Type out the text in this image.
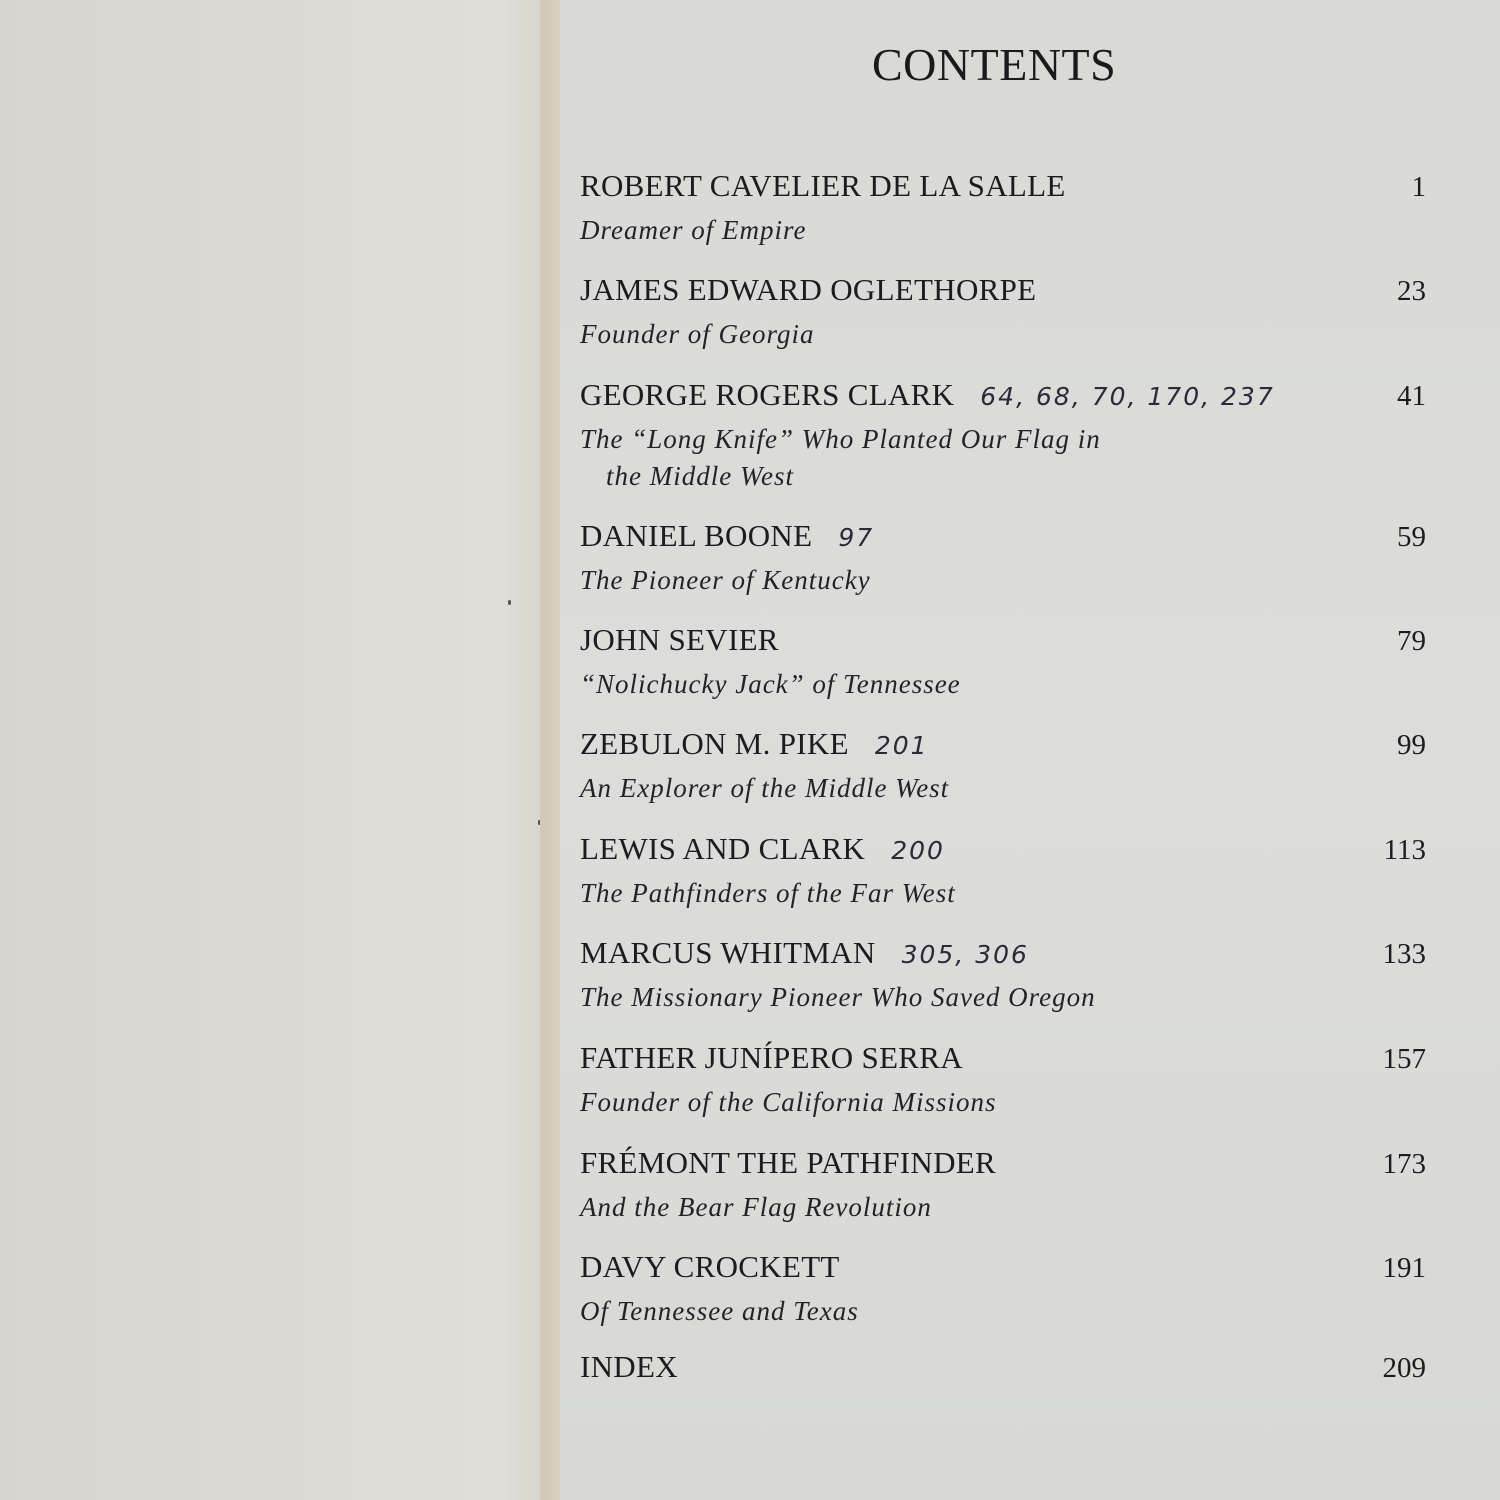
CONTENTS
ROBERT CAVELIER DE LA SALLE	1
Dreamer of Empire
JAMES EDWARD OGLETHORPE	23
Founder of Georgia
GEORGE ROGERS CLARK 64, 68, 70, 170, 237	41
The “Long Knife” Who Planted Our Flag in
the Middle West
DANIEL BOONE 97	59
The Pioneer of Kentucky
JOHN SEVIER	79
“Nolichucky Jack” of Tennessee
ZEBULON M. PIKE 201	99
An Explorer of the Middle West
LEWIS AND CLARK 200	113
The Pathfinders of the Far West
MARCUS WHITMAN 305, 306	133
The Missionary Pioneer Who Saved Oregon
FATHER JUNÍPERO SERRA	157
Founder of the California Missions
FRÉMONT THE PATHFINDER	173
And the Bear Flag Revolution
DAVY CROCKETT	191
Of Tennessee and Texas
INDEX	209
